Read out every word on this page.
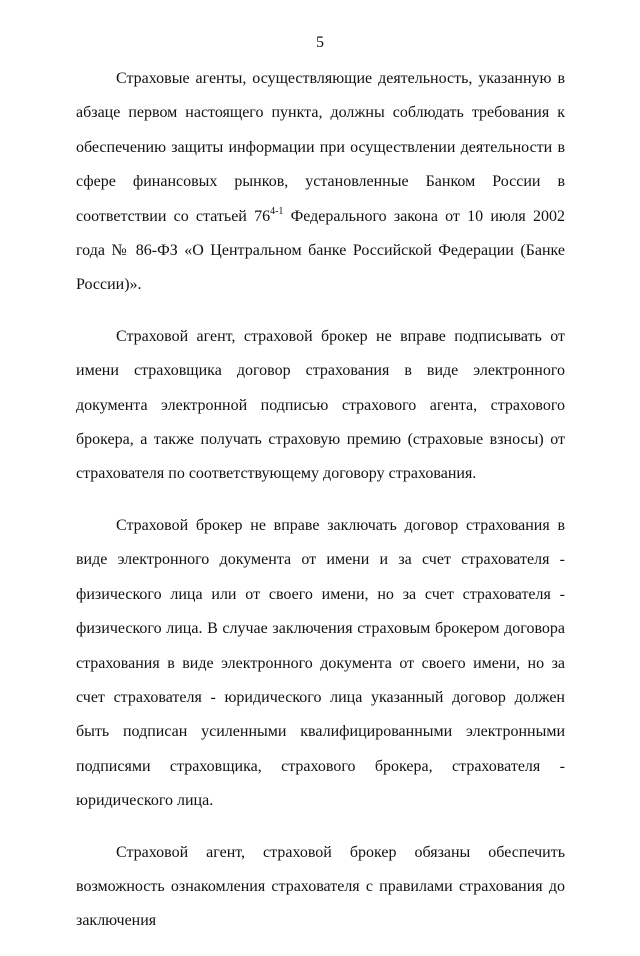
5

Страховые агенты, осуществляющие деятельность, указанную в абзаце первом настоящего пункта, должны соблюдать требования к обеспечению защиты информации при осуществлении деятельности в сфере финансовых рынков, установленные Банком России в соответствии со статьей 76$^{4-1}$ Федерального закона от 10 июля 2002 года № 86-ФЗ «О Центральном банке Российской Федерации (Банке России)».

Страховой агент, страховой брокер не вправе подписывать от имени страховщика договор страхования в виде электронного документа электронной подписью страхового агента, страхового брокера, а также получать страховую премию (страховые взносы) от страхователя по соответствующему договору страхования.

Страховой брокер не вправе заключать договор страхования в виде электронного документа от имени и за счет страхователя - физического лица или от своего имени, но за счет страхователя - физического лица. В случае заключения страховым брокером договора страхования в виде электронного документа от своего имени, но за счет страхователя - юридического лица указанный договор должен быть подписан усиленными квалифицированными электронными подписями страховщика, страхового брокера, страхователя - юридического лица.

Страховой агент, страховой брокер обязаны обеспечить возможность ознакомления страхователя с правилами страхования до заключения
